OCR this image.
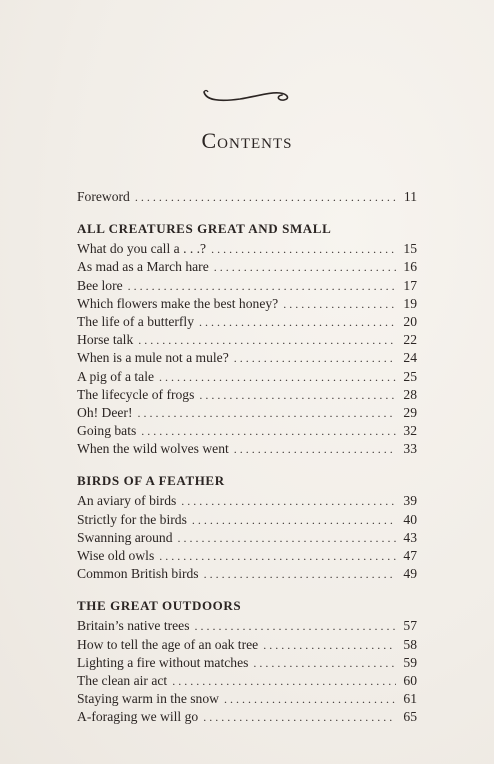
Contents
Foreword . . .	11
ALL CREATURES GREAT AND SMALL
What do you call a . . .? . . .	15
As mad as a March hare . . .	16
Bee lore . . .	17
Which flowers make the best honey? . . .	19
The life of a butterfly . . .	20
Horse talk . . .	22
When is a mule not a mule? . . .	24
A pig of a tale . . .	25
The lifecycle of frogs . . .	28
Oh! Deer! . . .	29
Going bats . . .	32
When the wild wolves went . . .	33
BIRDS OF A FEATHER
An aviary of birds . . .	39
Strictly for the birds . . .	40
Swanning around . . .	43
Wise old owls . . .	47
Common British birds . . .	49
THE GREAT OUTDOORS
Britain’s native trees . . .	57
How to tell the age of an oak tree . . .	58
Lighting a fire without matches . . .	59
The clean air act . . .	60
Staying warm in the snow . . .	61
A-foraging we will go . . .	65
